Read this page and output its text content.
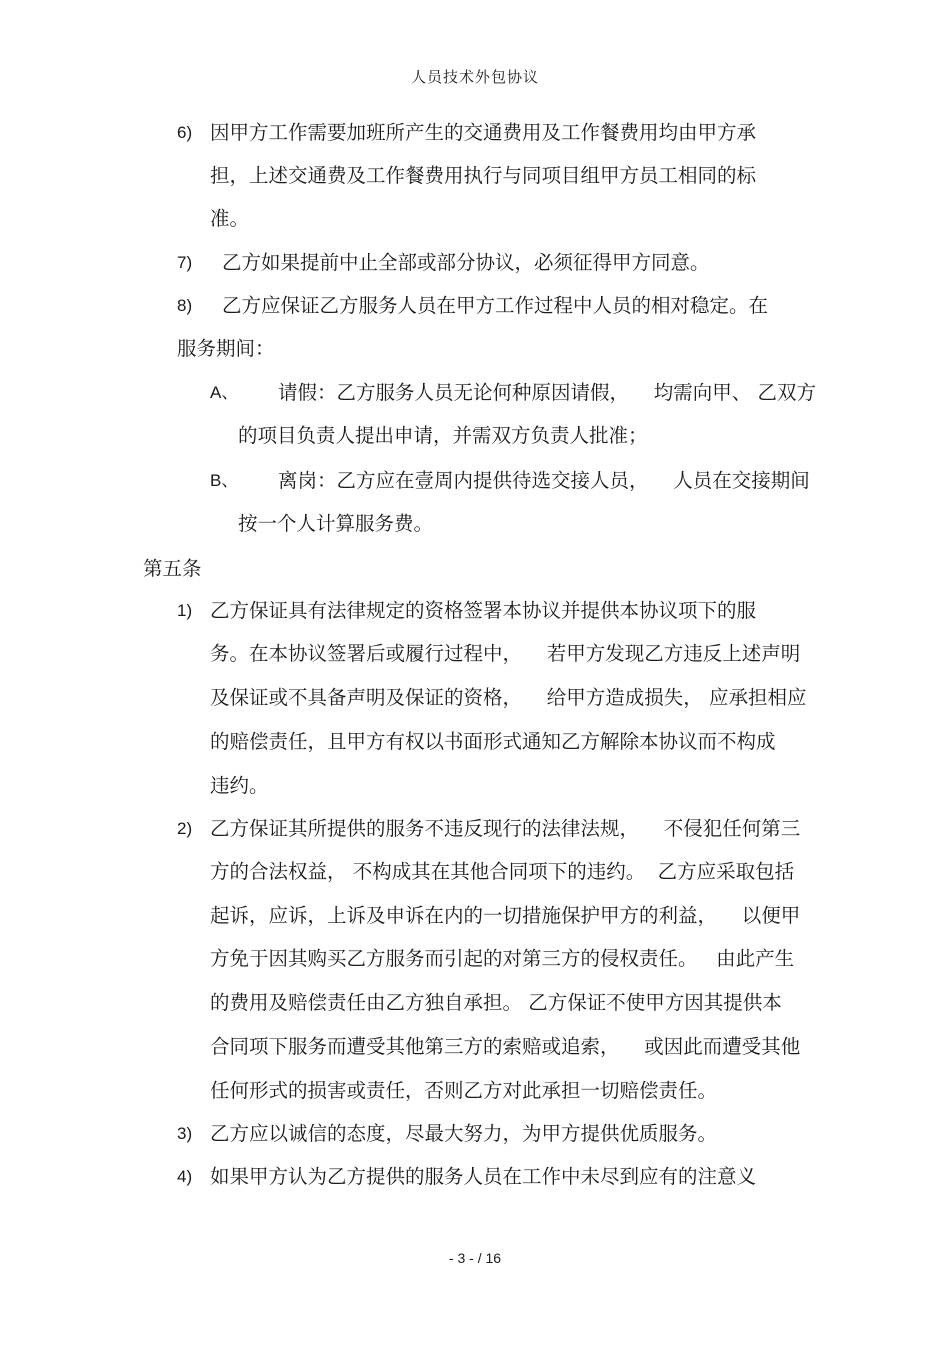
人员技术外包协议
6) 因甲方工作需要加班所产生的交通费用及工作餐费用均由甲方承
担，上述交通费及工作餐费用执行与同项目组甲方员工相同的标
准。
7) 乙方如果提前中止全部或部分协议，必须征得甲方同意。
8) 乙方应保证乙方服务人员在甲方工作过程中人员的相对稳定。在
服务期间：
A、 请假：乙方服务人员无论何种原因请假，    均需向甲、 乙双方
的项目负责人提出申请，并需双方负责人批准；
B、 离岗：乙方应在壹周内提供待选交接人员，    人员在交接期间
按一个人计算服务费。
第五条
1) 乙方保证具有法律规定的资格签署本协议并提供本协议项下的服
务。在本协议签署后或履行过程中，    若甲方发现乙方违反上述声明
及保证或不具备声明及保证的资格，    给甲方造成损失， 应承担相应
的赔偿责任，且甲方有权以书面形式通知乙方解除本协议而不构成
违约。
2) 乙方保证其所提供的服务不违反现行的法律法规，    不侵犯任何第三
方的合法权益， 不构成其在其他合同项下的违约。  乙方应采取包括
起诉，应诉，上诉及申诉在内的一切措施保护甲方的利益，    以便甲
方免于因其购买乙方服务而引起的对第三方的侵权责任。   由此产生
的费用及赔偿责任由乙方独自承担。 乙方保证不使甲方因其提供本
合同项下服务而遭受其他第三方的索赔或追索，    或因此而遭受其他
任何形式的损害或责任，否则乙方对此承担一切赔偿责任。
3) 乙方应以诚信的态度，尽最大努力，为甲方提供优质服务。
4) 如果甲方认为乙方提供的服务人员在工作中未尽到应有的注意义
- 3 - / 16
